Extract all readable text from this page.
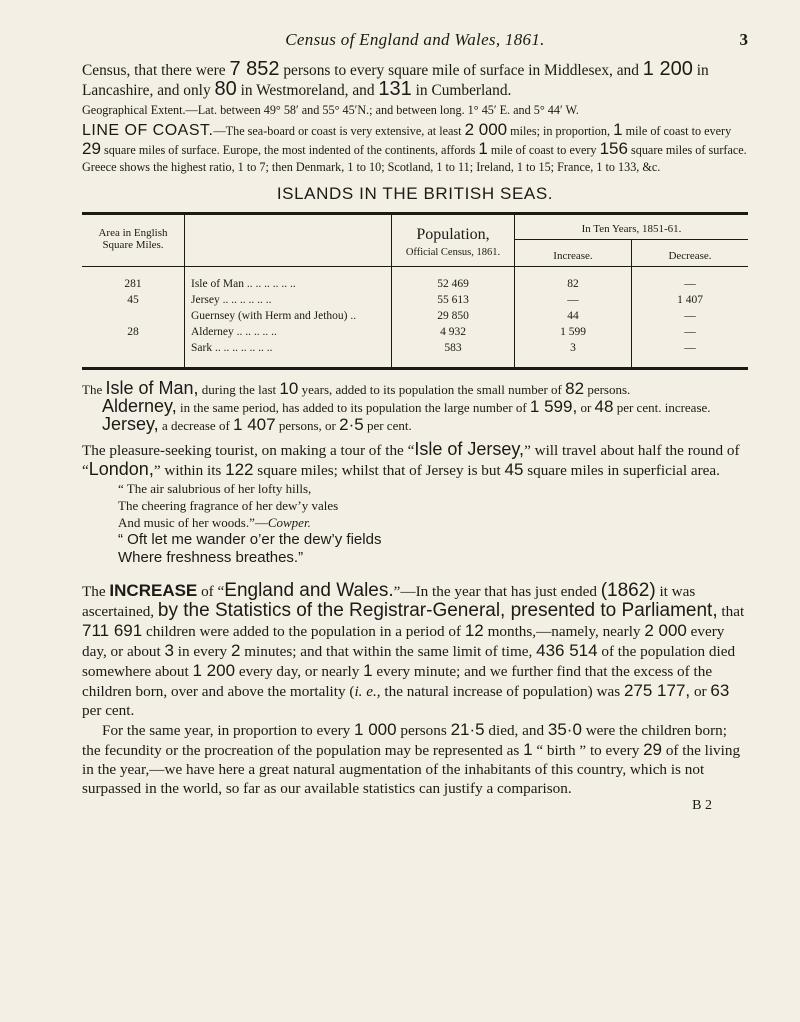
Census of England and Wales, 1861.	3

Census, that there were 7 852 persons to every square mile of surface in Middlesex, and 1 200 in Lancashire, and only 80 in Westmoreland, and 131 in Cumberland.

Geographical Extent.—Lat. between 49° 58′ and 55° 45′N.; and between long. 1° 45′ E. and 5° 44′ W.

LINE OF COAST.—The sea-board or coast is very extensive, at least 2 000 miles; in proportion, 1 mile of coast to every 29 square miles of surface. Europe, the most indented of the continents, affords 1 mile of coast to every 156 square miles of surface. Greece shows the highest ratio, 1 to 7; then Denmark, 1 to 10; Scotland, 1 to 11; Ireland, 1 to 15; France, 1 to 133, &c.

ISLANDS IN THE BRITISH SEAS.
Area in English Square Miles.		Population,
Official Census, 1861.	In Ten Years, 1851-61.	
			Increase.	Decrease.
281	Isle of Man .. .. .. .. .. ..	52 469	82	—
45	Jersey .. .. .. .. .. ..	55 613	—	1 407
	Guernsey (with Herm and Jethou) ..	29 850	44	—
28	Alderney .. .. .. .. ..	4 932	1 599	—
	Sark .. .. .. .. .. .. ..	583	3	—

The Isle of Man, during the last 10 years, added to its population the small number of 82 persons.

Alderney, in the same period, has added to its population the large number of 1 599, or 48 per cent. increase.

Jersey, a decrease of 1 407 persons, or 2·5 per cent.

The pleasure-seeking tourist, on making a tour of the “Isle of Jersey,” will travel about half the round of “London,” within its 122 square miles; whilst that of Jersey is but 45 square miles in superficial area.

“ The air salubrious of her lofty hills,
The cheering fragrance of her dew’y vales
And music of her woods.”—Cowper.
“ Oft let me wander o’er the dew’y fields
Where freshness breathes.”

The INCREASE of “England and Wales.”—In the year that has just ended (1862) it was ascertained, by the Statistics of the Registrar-General, presented to Parliament, that 711 691 children were added to the population in a period of 12 months,—namely, nearly 2 000 every day, or about 3 in every 2 minutes; and that within the same limit of time, 436 514 of the population died somewhere about 1 200 every day, or nearly 1 every minute; and we further find that the excess of the children born, over and above the mortality (i. e., the natural increase of population) was 275 177, or 63 per cent.

For the same year, in proportion to every 1 000 persons 21·5 died, and 35·0 were the children born; the fecundity or the procreation of the population may be represented as 1 “ birth ” to every 29 of the living in the year,—we have here a great natural augmentation of the inhabitants of this country, which is not surpassed in the world, so far as our available statistics can justify a comparison.

B 2
